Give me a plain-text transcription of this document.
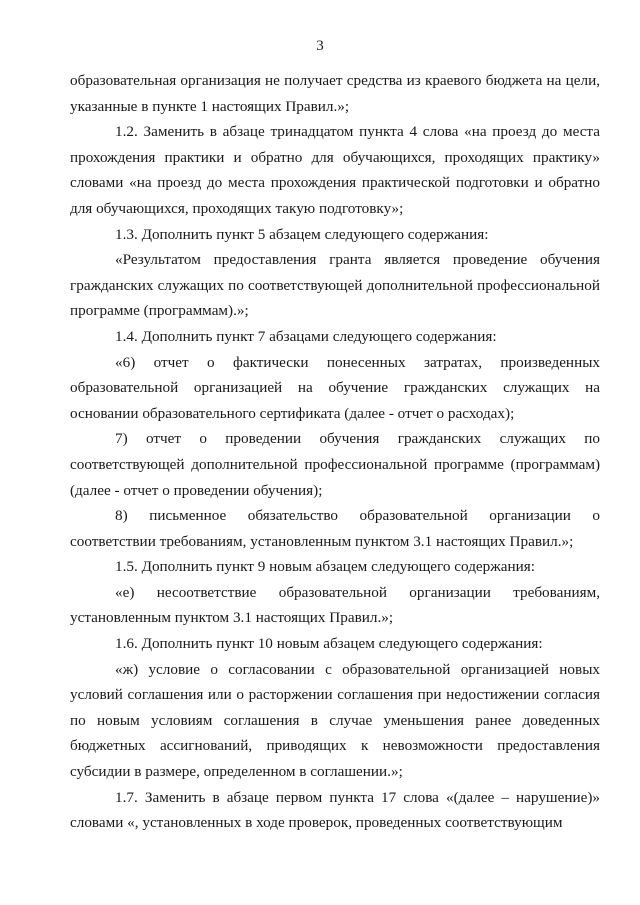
3

образовательная организация не получает средства из краевого бюджета на цели, указанные в пункте 1 настоящих Правил.»;

1.2. Заменить в абзаце тринадцатом пункта 4 слова «на проезд до места прохождения практики и обратно для обучающихся, проходящих практику» словами «на проезд до места прохождения практической подготовки и обратно для обучающихся, проходящих такую подготовку»;

1.3. Дополнить пункт 5 абзацем следующего содержания:

«Результатом предоставления гранта является проведение обучения гражданских служащих по соответствующей дополнительной профессиональной программе (программам).»;

1.4. Дополнить пункт 7 абзацами следующего содержания:

«6) отчет о фактически понесенных затратах, произведенных образовательной организацией на обучение гражданских служащих на основании образовательного сертификата (далее - отчет о расходах);

7) отчет о проведении обучения гражданских служащих по соответствующей дополнительной профессиональной программе (программам) (далее - отчет о проведении обучения);

8) письменное обязательство образовательной организации о соответствии требованиям, установленным пунктом 3.1 настоящих Правил.»;

1.5. Дополнить пункт 9 новым абзацем следующего содержания:

«е) несоответствие образовательной организации требованиям, установленным пунктом 3.1 настоящих Правил.»;

1.6. Дополнить пункт 10 новым абзацем следующего содержания:

«ж) условие о согласовании с образовательной организацией новых условий соглашения или о расторжении соглашения при недостижении согласия по новым условиям соглашения в случае уменьшения ранее доведенных бюджетных ассигнований, приводящих к невозможности предоставления субсидии в размере, определенном в соглашении.»;

1.7. Заменить в абзаце первом пункта 17 слова «(далее – нарушение)» словами «, установленных в ходе проверок, проведенных соответствующим
